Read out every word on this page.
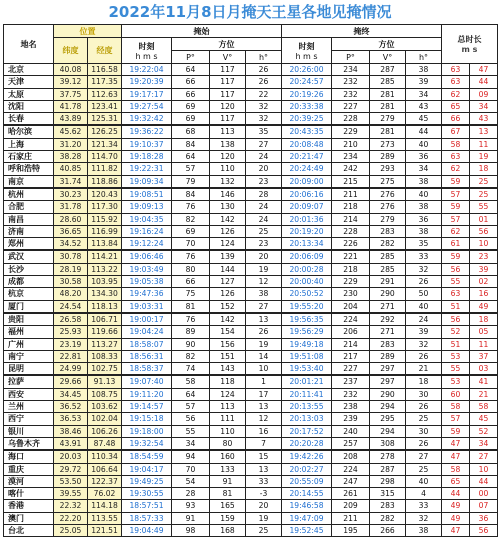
2022年11月8日月掩天王星各地见掩情况
地名	位置		掩始				掩终				总时长
m s	
	纬度	经度	时刻
h m s	方位			时刻
h m s	方位				
				P°	V°	h°		P°	V°	h°		
北京	40.08	116.58	19:22:04	64	117	26	20:26:00	234	287	38	63	47
天津	39.12	117.35	19:20:39	66	117	26	20:24:57	232	285	39	63	44
太原	37.75	112.63	19:17:17	66	117	22	20:19:26	232	281	34	62	09
沈阳	41.78	123.41	19:27:54	69	120	32	20:33:38	227	281	43	65	34
长春	43.89	125.31	19:32:42	69	117	32	20:39:25	228	279	45	66	43
哈尔滨	45.62	126.25	19:36:22	68	113	35	20:43:35	229	281	44	67	13
上海	31.20	121.34	19:10:37	84	138	27	20:08:48	210	273	40	58	11
石家庄	38.28	114.70	19:18:28	64	120	24	20:21:47	234	289	36	63	19
呼和浩特	40.85	111.82	19:22:31	57	110	20	20:24:49	242	293	34	62	18
南京	31.74	118.86	19:09:34	79	132	23	20:09:00	215	275	38	59	25
杭州	30.23	120.43	19:08:51	84	146	28	20:06:16	211	276	40	57	25
合肥	31.78	117.30	19:09:13	76	130	24	20:09:07	218	276	38	59	55
南昌	28.60	115.92	19:04:35	82	142	24	20:01:36	214	279	36	57	01
济南	36.65	116.99	19:16:24	69	126	25	20:19:20	228	283	38	62	56
郑州	34.52	113.84	19:12:24	70	124	23	20:13:34	226	282	35	61	10
武汉	30.78	114.21	19:06:46	76	139	20	20:06:09	221	285	33	59	23
长沙	28.19	113.22	19:03:49	80	144	19	20:00:28	218	285	32	56	39
成都	30.58	103.95	19:05:38	66	127	12	20:00:40	229	291	26	55	02
杭京	48.20	134.30	19:47:36	75	126	38	20:50:52	230	290	50	63	16
厦门	24.54	118.13	19:03:31	81	152	27	19:55:20	204	271	40	51	49
贵阳	26.58	106.71	19:00:17	76	142	13	19:56:35	224	292	24	56	18
福州	25.93	119.66	19:04:24	89	154	26	19:56:29	206	271	39	52	05
广州	23.19	113.27	18:58:07	90	156	19	19:49:18	214	283	32	51	11
南宁	22.81	108.33	18:56:31	82	151	14	19:51:08	217	289	26	53	37
昆明	24.99	102.75	18:58:37	74	143	10	19:53:40	227	297	21	55	03
拉萨	29.66	91.13	19:07:40	58	118	1	20:01:21	237	297	18	53	41
西安	34.45	108.75	19:11:20	64	124	17	20:11:41	232	290	30	60	21
兰州	36.52	103.62	19:14:57	57	113	13	20:13:55	238	294	26	58	58
西宁	36.53	102.04	19:15:18	56	111	12	20:13:03	239	295	25	57	45
银川	38.46	106.26	19:18:00	55	110	16	20:17:52	240	294	30	59	52
乌鲁木齐	43.91	87.48	19:32:54	34	80	7	20:20:28	257	308	26	47	34
海口	20.03	110.34	18:54:59	94	160	15	19:42:26	208	278	27	47	27
重庆	29.72	106.64	19:04:17	70	133	13	20:02:27	224	287	25	58	10
漠河	53.50	122.37	19:49:25	54	91	33	20:55:09	247	298	40	65	44
喀什	39.55	76.02	19:30:55	28	81	-3	20:14:55	261	315	4	44	00
香港	22.32	114.18	18:57:51	93	165	20	19:46:58	209	283	33	49	07
澳门	22.20	113.55	18:57:33	91	159	19	19:47:09	211	282	32	49	36
台北	25.05	121.51	19:04:49	98	168	25	19:52:45	195	266	38	47	56
